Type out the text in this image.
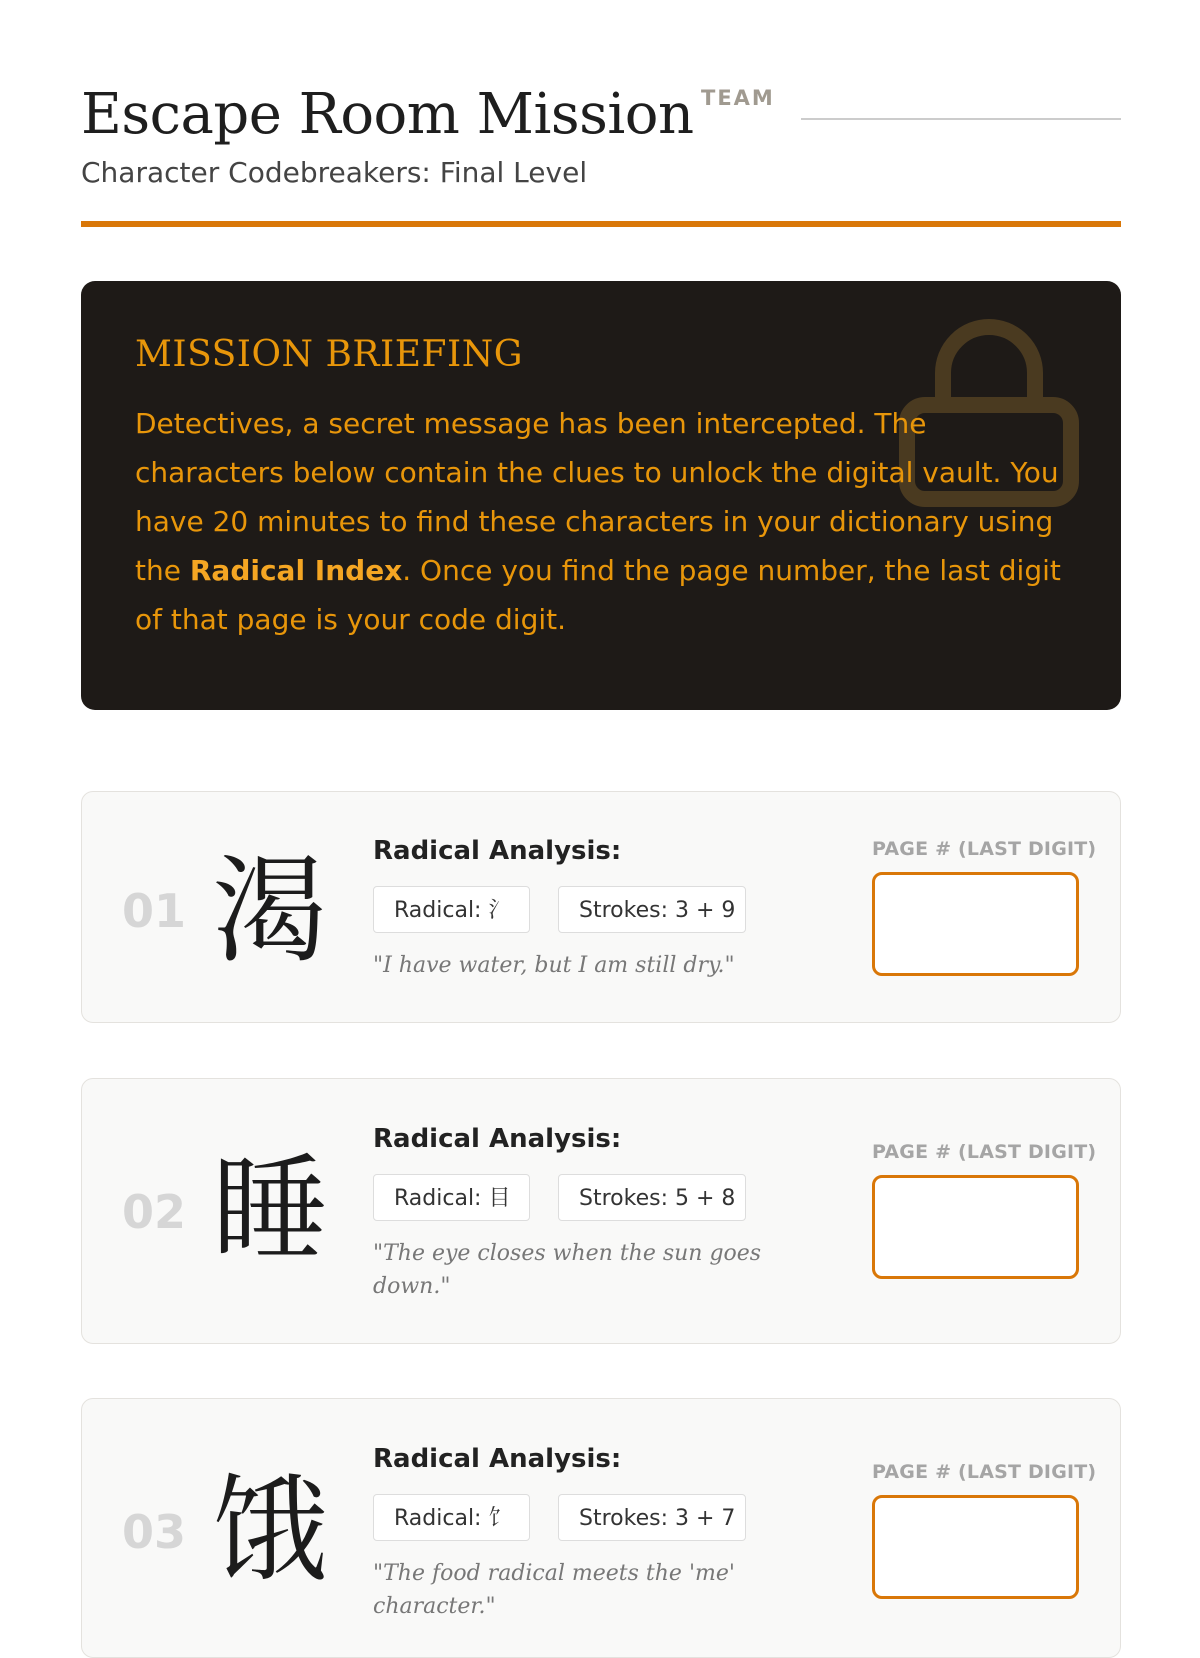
Escape Room Mission
Character Codebreakers: Final Level
TEAM
MISSION BRIEFING
Detectives, a secret message has been intercepted. The characters below contain the clues to unlock the digital vault. You have 20 minutes to find these characters in your dictionary using the Radical Index. Once you find the page number, the last digit of that page is your code digit.
01 渴 Radical Analysis:
Radical: 氵	Strokes: 3 + 9
"I have water, but I am still dry."
PAGE # (LAST DIGIT)
02 睡
Radical Analysis:
Radical: 目	Strokes: 5 + 8
"The eye closes when the sun goes down."
PAGE # (LAST DIGIT)
03 饿
Radical Analysis:
Radical: 饣	Strokes: 3 + 7
"The food radical meets the 'me' character."
PAGE # (LAST DIGIT)
